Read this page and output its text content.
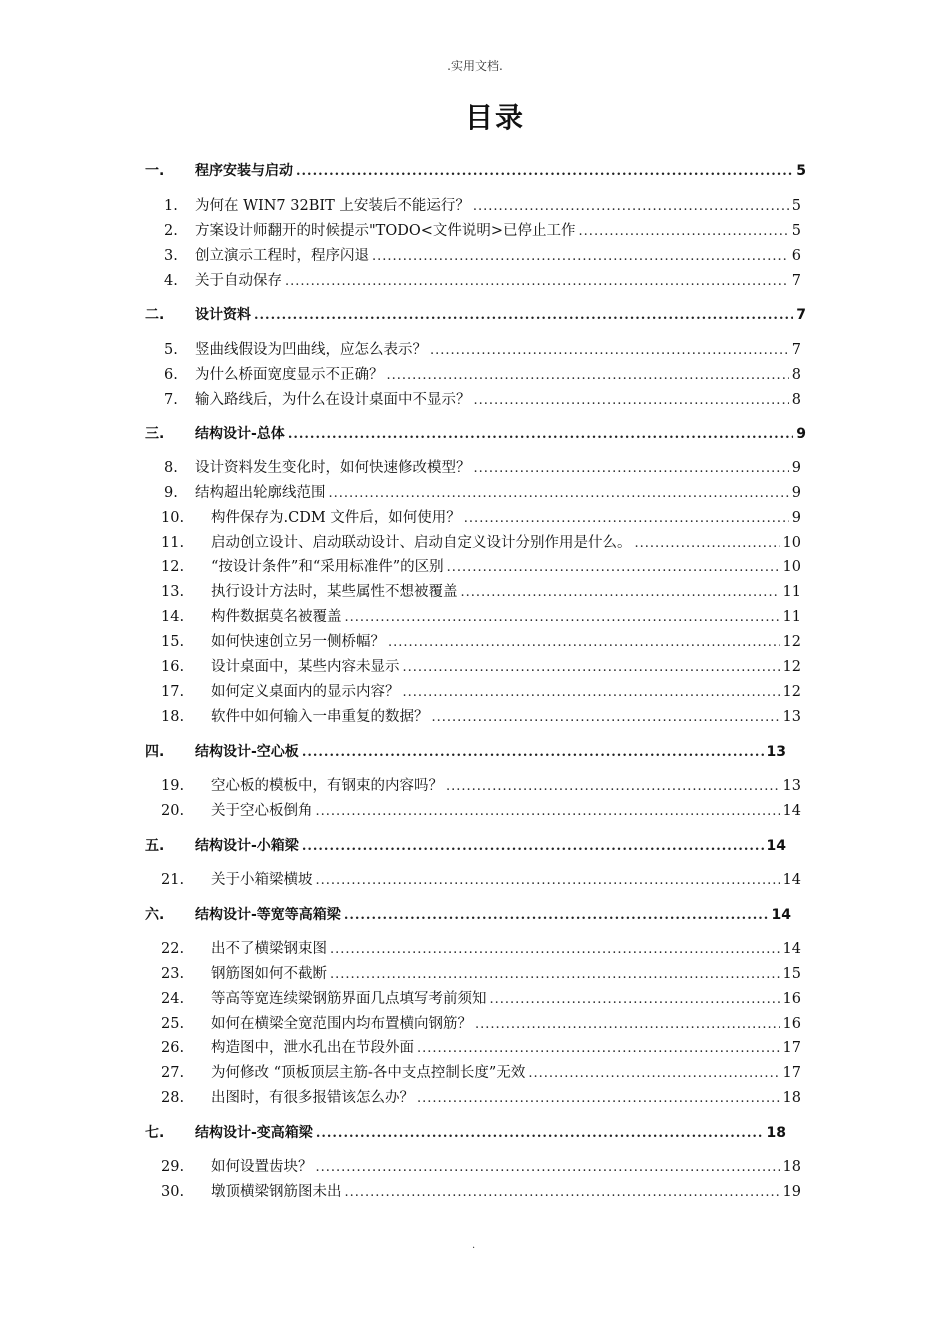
.实用文档.
目录
一. 程序安装与启动 .....	5
1. 为何在 WIN7 32BIT 上安装后不能运行？ .....	5
2. 方案设计师翻开的时候提示"TODO<文件说明>已停止工作 .....	5
3. 创立演示工程时，程序闪退 .....	6
4. 关于自动保存 .....	7
二. 设计资料 .....	7
5. 竖曲线假设为凹曲线，应怎么表示？ .....	7
6. 为什么桥面宽度显示不正确？ .....	8
7. 输入路线后，为什么在设计桌面中不显示？ .....	8
三. 结构设计-总体 .....	9
8. 设计资料发生变化时，如何快速修改模型？ .....	9
9. 结构超出轮廓线范围 .....	9
10. 构件保存为.CDM 文件后，如何使用？ .....	9
11. 启动创立设计、启动联动设计、启动自定义设计分别作用是什么。 .....	10
12. “按设计条件”和“采用标准件”的区别 .....	10
13. 执行设计方法时，某些属性不想被覆盖 .....	11
14. 构件数据莫名被覆盖 .....	11
15. 如何快速创立另一侧桥幅？ .....	12
16. 设计桌面中，某些内容未显示 .....	12
17. 如何定义桌面内的显示内容？ .....	12
18. 软件中如何输入一串重复的数据？ .....	13
四. 结构设计-空心板 .....	13
19. 空心板的模板中，有钢束的内容吗？ .....	13
20. 关于空心板倒角 .....	14
五. 结构设计-小箱梁 .....	14
21. 关于小箱梁横坡 .....	14
六. 结构设计-等宽等高箱梁 .....	14
22. 出不了横梁钢束图 .....	14
23. 钢筋图如何不截断 .....	15
24. 等高等宽连续梁钢筋界面几点填写考前须知 .....	16
25. 如何在横梁全宽范围内均布置横向钢筋？ .....	16
26. 构造图中，泄水孔出在节段外面 .....	17
27. 为何修改 “顶板顶层主筋-各中支点控制长度”无效 .....	17
28. 出图时，有很多报错该怎么办？ .....	18
七. 结构设计-变高箱梁 .....	18
29. 如何设置齿块？ .....	18
30. 墩顶横梁钢筋图未出 .....	19
.
